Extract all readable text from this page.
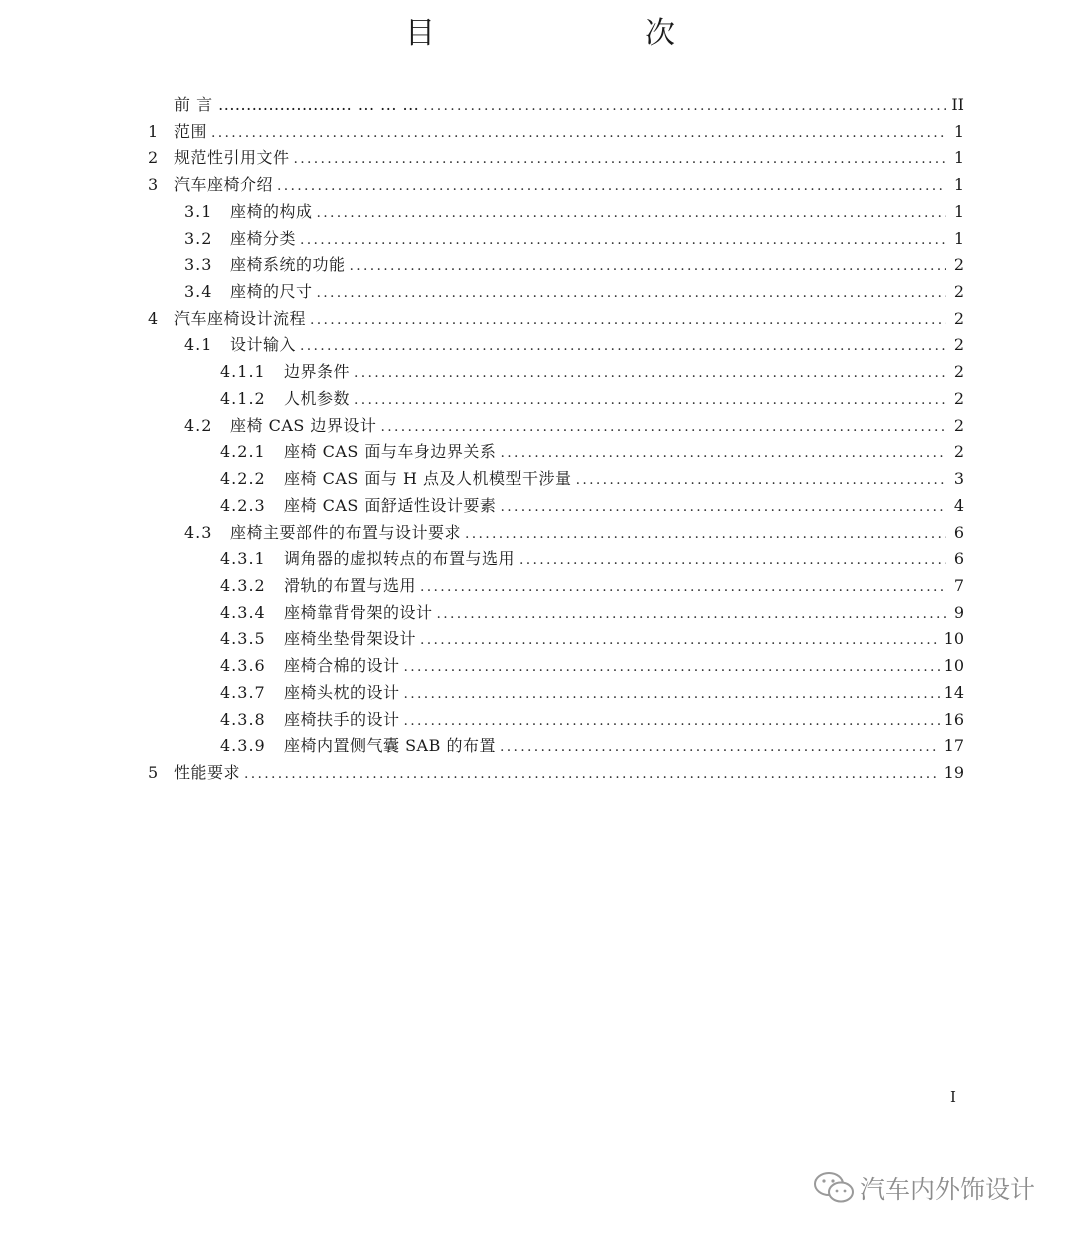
目　　次
前 言 ........................ ... ... ... .....	II
1 范围 .....	1
2 规范性引用文件 .....	1
3 汽车座椅介绍 .....	1
3.1	座椅的构成 .....	1
3.2	座椅分类 .....	1
3.3	座椅系统的功能 .....	2
3.4	座椅的尺寸 .....	2
4 汽车座椅设计流程 .....	2
4.1	设计输入 .....	2
4.1.1	边界条件 .....	2
4.1.2	人机参数 .....	2
4.2	座椅 CAS 边界设计 .....	2
4.2.1	座椅 CAS 面与车身边界关系 .....	2
4.2.2	座椅 CAS 面与 H 点及人机模型干涉量 .....	3
4.2.3	座椅 CAS 面舒适性设计要素 .....	4
4.3	座椅主要部件的布置与设计要求 .....	6
4.3.1	调角器的虚拟转点的布置与选用 .....	6
4.3.2	滑轨的布置与选用 .....	7
4.3.4	座椅靠背骨架的设计 .....	9
4.3.5	座椅坐垫骨架设计 .....	10
4.3.6	座椅合棉的设计 .....	10
4.3.7	座椅头枕的设计 .....	14
4.3.8	座椅扶手的设计 .....	16
4.3.9	座椅内置侧气囊 SAB 的布置 .....	17
5 性能要求 .....	19
I
汽车内外饰设计
